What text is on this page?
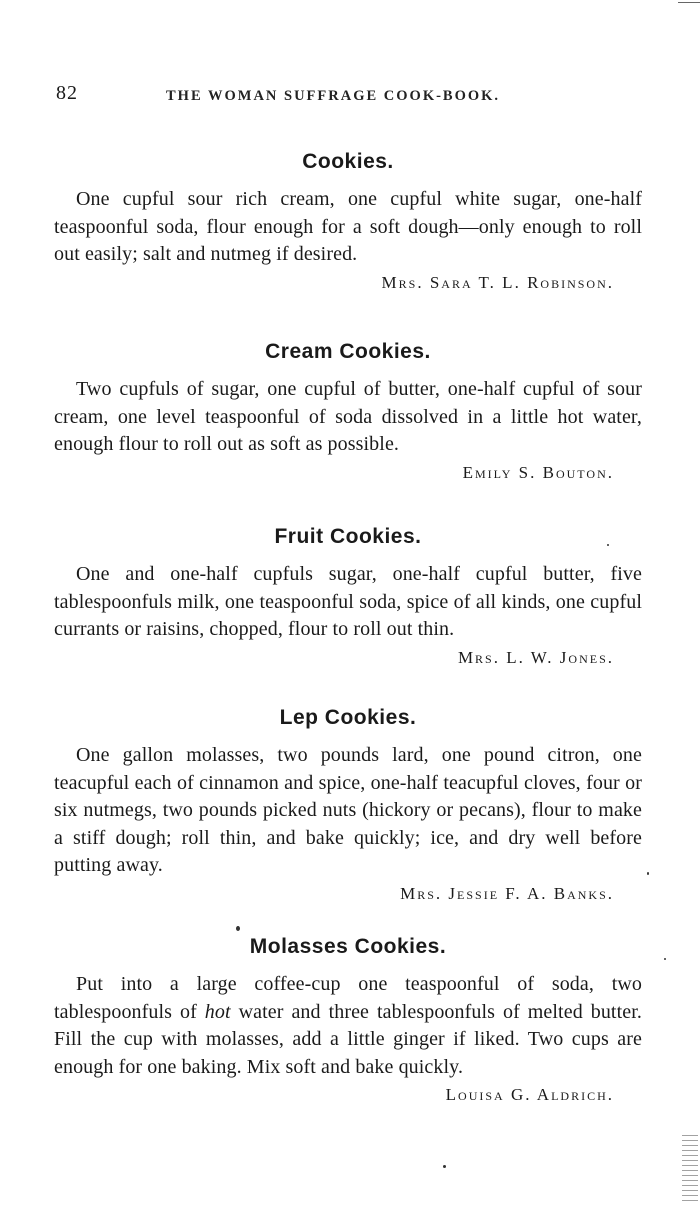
82	THE WOMAN SUFFRAGE COOK-BOOK.
Cookies.

One cupful sour rich cream, one cupful white sugar, one-half teaspoonful soda, flour enough for a soft dough—only enough to roll out easily; salt and nutmeg if desired.

Mrs. Sara T. L. Robinson.

Cream Cookies.

Two cupfuls of sugar, one cupful of butter, one-half cupful of sour cream, one level teaspoonful of soda dissolved in a little hot water, enough flour to roll out as soft as possible.

Emily S. Bouton.

Fruit Cookies.

One and one-half cupfuls sugar, one-half cupful butter, five tablespoonfuls milk, one teaspoonful soda, spice of all kinds, one cupful currants or raisins, chopped, flour to roll out thin.
Mrs. L. W. Jones.

Lep Cookies.

One gallon molasses, two pounds lard, one pound citron, one teacupful each of cinnamon and spice, one-half teacupful cloves, four or six nutmegs, two pounds picked nuts (hickory or pecans), flour to make a stiff dough; roll thin, and bake quickly; ice, and dry well before putting away.

Mrs. Jessie F. A. Banks.

Molasses Cookies.

Put into a large coffee-cup one teaspoonful of soda, two tablespoonfuls of hot water and three tablespoonfuls of melted butter. Fill the cup with molasses, add a little ginger if liked. Two cups are enough for one baking. Mix soft and bake quickly.
Louisa G. Aldrich.
